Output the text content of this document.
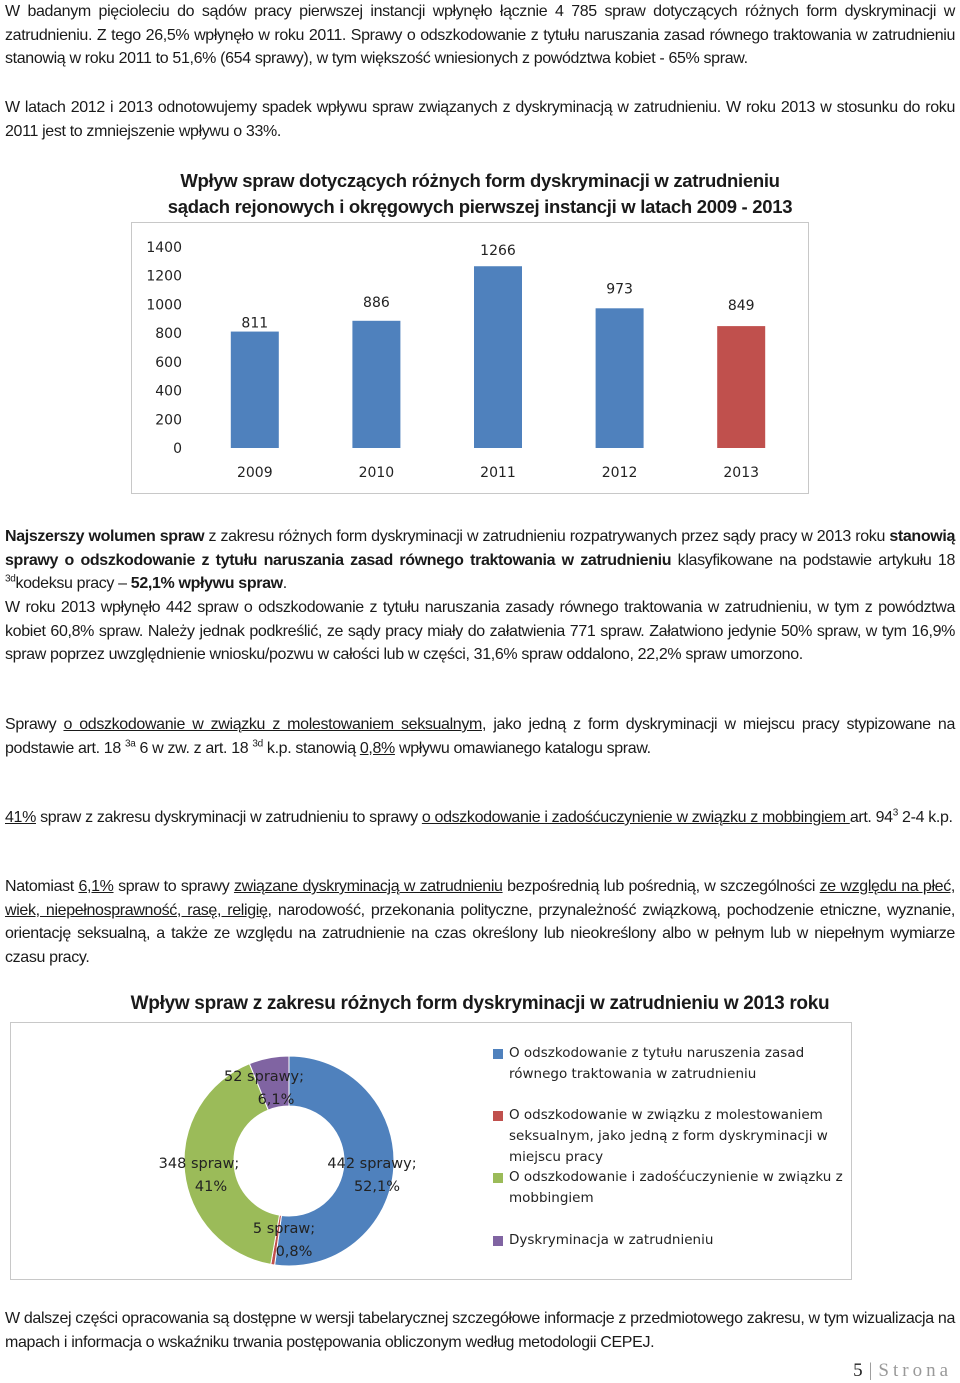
W badanym pięcioleciu do sądów pracy pierwszej instancji wpłynęło łącznie 4 785 spraw dotyczących różnych form dyskryminacji w zatrudnieniu. Z tego 26,5% wpłynęło w roku 2011. Sprawy o odszkodowanie z tytułu naruszania zasad równego traktowania w zatrudnieniu stanowią w roku 2011 to 51,6% (654 sprawy), w tym większość wniesionych z powództwa kobiet - 65% spraw.

W latach 2012 i 2013 odnotowujemy spadek wpływu spraw związanych z dyskryminacją w zatrudnieniu. W roku 2013 w stosunku do roku 2011 jest to zmniejszenie wpływu o 33%.

Wpływ spraw dotyczących różnych form dyskryminacji w zatrudnieniu
sądach rejonowych i okręgowych pierwszej instancji w latach 2009 - 2013
0
200
400
600
800
1000
1200
1400
811
2009
886
2010
1266
2011
973
2012
849
2013

Najszerszy wolumen spraw z zakresu różnych form dyskryminacji w zatrudnieniu rozpatrywanych przez sądy pracy w 2013 roku stanowią sprawy o odszkodowanie z tytułu naruszania zasad równego traktowania w zatrudnieniu klasyfikowane na podstawie artykułu 18 $^{3d}$kodeksu pracy – 52,1% wpływu spraw.

W roku 2013 wpłynęło 442 spraw o odszkodowanie z tytułu naruszania zasady równego traktowania w zatrudnieniu, w tym z powództwa kobiet 60,8% spraw. Należy jednak podkreślić, ze sądy pracy miały do załatwienia 771 spraw. Załatwiono jedynie 50% spraw, w tym 16,9% spraw poprzez uwzględnienie wniosku/pozwu w całości lub w części, 31,6% spraw oddalono, 22,2% spraw umorzono.

Sprawy o odszkodowanie w związku z molestowaniem seksualnym, jako jedną z form dyskryminacji w miejscu pracy stypizowane na podstawie art. 18 $^{3a}$ 6 w zw. z art. 18 $^{3d}$ k.p. stanowią 0,8% wpływu omawianego katalogu spraw.

41% spraw z zakresu dyskryminacji w zatrudnieniu to sprawy o odszkodowanie i zadośćuczynienie w związku z mobbingiem art. $94^3$ 2-4 k.p.

Natomiast 6,1% spraw to sprawy związane dyskryminacją w zatrudnieniu bezpośrednią lub pośrednią, w szczególności ze względu na płeć, wiek, niepełnosprawność, rasę, religię, narodowość, przekonania polityczne, przynależność związkową, pochodzenie etniczne, wyznanie, orientację seksualną, a także ze względu na zatrudnienie na czas określony lub nieokreślony albo w pełnym lub w niepełnym wymiarze czasu pracy.

Wpływ spraw z zakresu różnych form dyskryminacji w zatrudnieniu w 2013 roku
442 sprawy;
52,1%
5 spraw;
0,8%
348 spraw;
41%
52 sprawy;
6,1%
O odszkodowanie z tytułu naruszenia zasad równego traktowania w zatrudnieniu
O odszkodowanie w związku z molestowaniem seksualnym, jako jedną z form dyskryminacji w miejscu pracy
O odszkodowanie i zadośćuczynienie w związku z mobbingiem
Dyskryminacja w zatrudnieniu

W dalszej części opracowania są dostępne w wersji tabelarycznej szczegółowe informacje z przedmiotowego zakresu, w tym wizualizacja na mapach i informacja o wskaźniku trwania postępowania obliczonym według metodologii CEPEJ.

5 | Strona
